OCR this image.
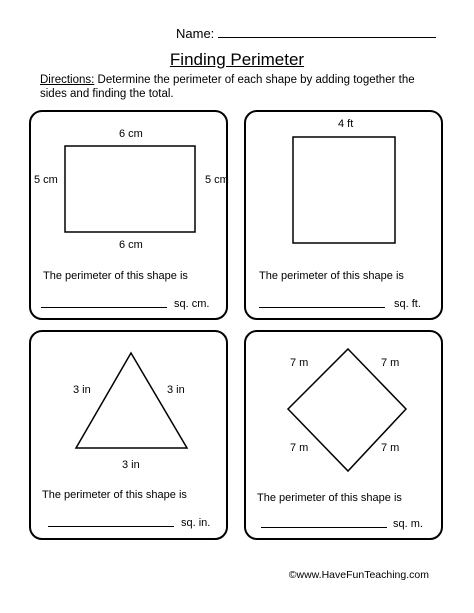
Name:
Finding Perimeter
Directions: Determine the perimeter of each shape by adding together the sides and finding the total.
6 cm
5 cm	5 cm
6 cm
The perimeter of this shape is
sq. cm.
4 ft
The perimeter of this shape is
sq. ft.
3 in	3 in
3 in
The perimeter of this shape is
sq. in.
7 m	7 m
7 m	7 m
The perimeter of this shape is
sq. m.
©www.HaveFunTeaching.com
